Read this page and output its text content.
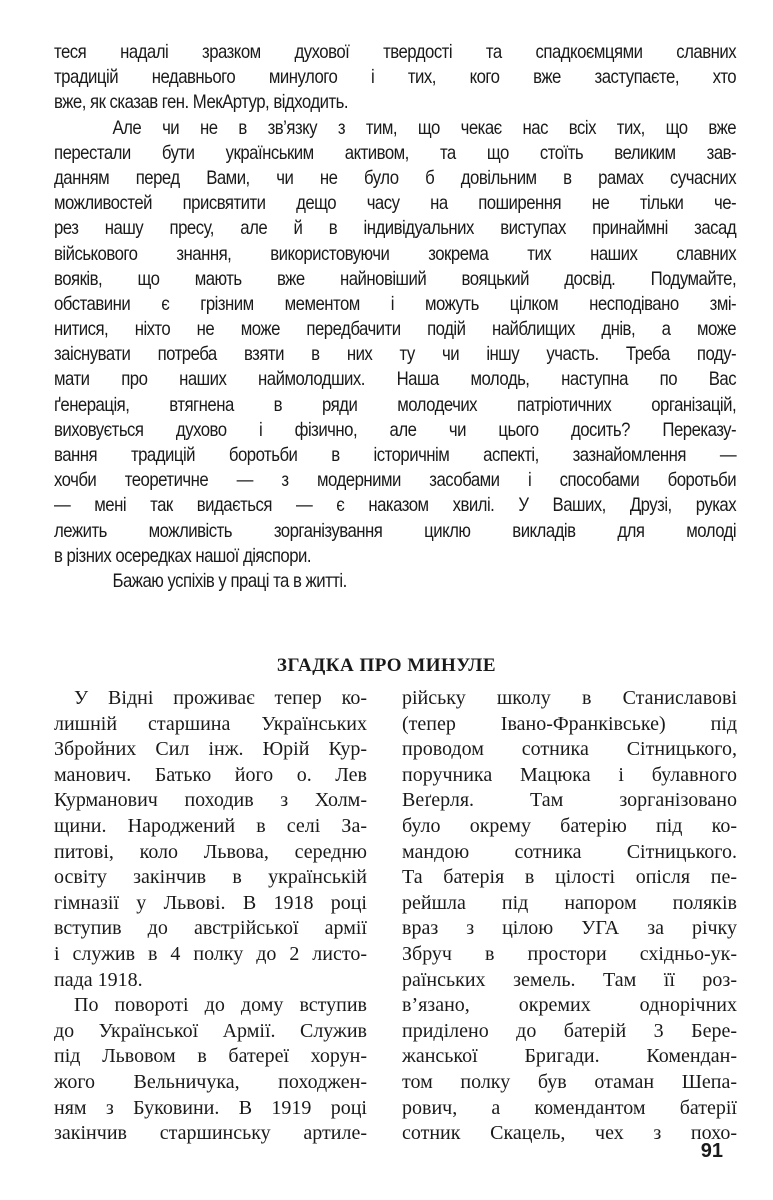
теся надалі зразком духової твердості та спадкоємцями славних
традицій недавнього минулого і тих, кого вже заступаєте, хто
вже, як сказав ген. МекАртур, відходить.
Але чи не в зв’язку з тим, що чекає нас всіх тих, що вже
перестали бути українським активом, та що стоїть великим зав-
данням перед Вами, чи не було б довільним в рамах сучасних
можливостей присвятити дещо часу на поширення не тільки че-
рез нашу пресу, але й в індивідуальних виступах принаймні засад
військового знання, використовуючи зокрема тих наших славних
вояків, що мають вже найновіший вояцький досвід. Подумайте,
обставини є грізним мементом і можуть цілком несподівано змі-
нитися, ніхто не може передбачити подій найблищих днів, а може
заіснувати потреба взяти в них ту чи іншу участь. Треба поду-
мати про наших наймолодших. Наша молодь, наступна по Вас
ґенерація, втягнена в ряди молодечих патріотичних організацій,
виховується духово і фізично, але чи цього досить? Переказу-
вання традицій боротьби в історичнім аспекті, зазнайомлення —
хочби теоретичне — з модерними засобами і способами боротьби
— мені так видається — є наказом хвилі. У Ваших, Друзі, руках
лежить можливість зорганізування циклю викладів для молоді
в різних осередках нашої діяспори.
Бажаю успіхів у праці та в житті.
ЗГАДКА ПРО МИНУЛЕ
У Відні проживає тепер ко-
лишній старшина Українських
Збройних Сил інж. Юрій Кур-
манович. Батько його о. Лев
Курманович походив з Холм-
щини. Народжений в селі За-
питові, коло Львова, середню
освіту закінчив в українській
гімназії у Львові. В 1918 році
вступив до австрійської армії
і служив в 4 полку до 2 листо-
пада 1918.
По повороті до дому вступив
до Української Армії. Служив
під Львовом в батереї хорун-
жого Вельничука, походжен-
ням з Буковини. В 1919 році
закінчив старшинську артиле-
рійську школу в Станиславові
(тепер Івано-Франківське) під
проводом сотника Сітницького,
поручника Мацюка і булавного
Веґерля. Там зорганізовано
було окрему батерію під ко-
мандою сотника Сітницького.
Та батерія в цілості опісля пе-
рейшла під напором поляків
враз з цілою УГА за річку
Збруч в простори східньо-ук-
раїнських земель. Там її роз-
в’язано, окремих однорічних
приділено до батерій 3 Бере-
жанської Бригади. Комендан-
том полку був отаман Шепа-
рович, а комендантом батерії
сотник Скацель, чех з похо-
91
